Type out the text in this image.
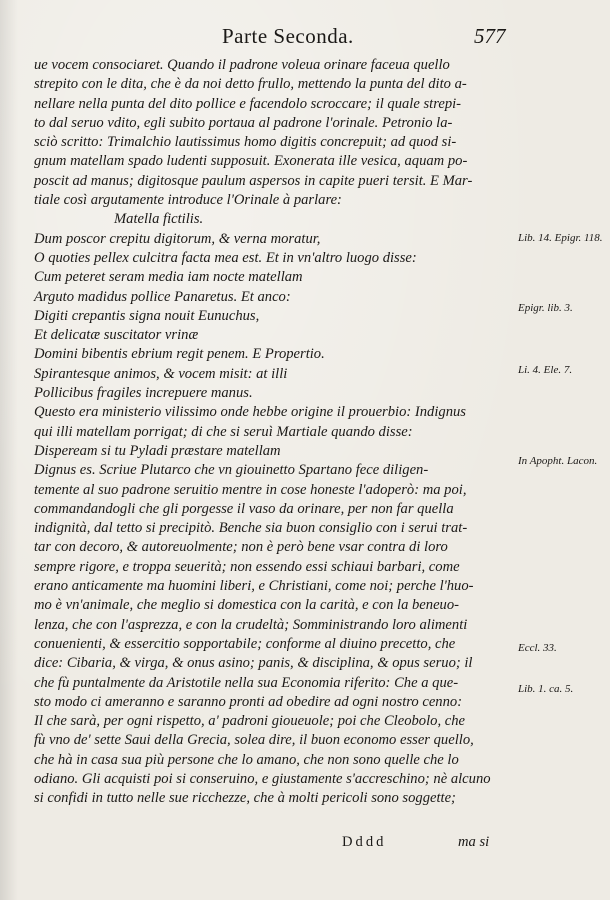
Parte Seconda.	577
ue vocem consociaret. Quando il padrone voleua orinare faceua quello
strepito con le dita, che è da noi detto frullo, mettendo la punta del dito a-
nellare nella punta del dito pollice e facendolo scroccare; il quale strepi-
to dal seruo vdito, egli subito portaua al padrone l'orinale. Petronio la-
sciò scritto: Trimalchio lautissimus homo digitis concrepuit; ad quod si-
gnum matellam spado ludenti supposuit. Exonerata ille vesica, aquam po-
poscit ad manus; digitosque paulum aspersos in capite pueri tersit. E Mar-
tiale così argutamente introduce l'Orinale à parlare:
Matella fictilis.
Dum poscor crepitu digitorum, & verna moratur,
O quoties pellex culcitra facta mea est. Et in vn'altro luogo disse:
Cum peteret seram media iam nocte matellam
Arguto madidus pollice Panaretus. Et anco:
Digiti crepantis signa nouit Eunuchus,
Et delicatæ suscitator vrinæ
Domini bibentis ebrium regit penem. E Propertio.
Spirantesque animos, & vocem misit: at illi
Pollicibus fragiles increpuere manus.
Questo era ministerio vilissimo onde hebbe origine il prouerbio: Indignus
qui illi matellam porrigat; di che si seruì Martiale quando disse:
Dispeream si tu Pyladi præstare matellam
Dignus es. Scriue Plutarco che vn giouinetto Spartano fece diligen-
temente al suo padrone seruitio mentre in cose honeste l'adoperò: ma poi,
commandandogli che gli porgesse il vaso da orinare, per non far quella
indignità, dal tetto si precipitò. Benche sia buon consiglio con i serui trat-
tar con decoro, & autoreuolmente; non è però bene vsar contra di loro
sempre rigore, e troppa seuerità; non essendo essi schiaui barbari, come
erano anticamente ma huomini liberi, e Christiani, come noi; perche l'huo-
mo è vn'animale, che meglio si domestica con la carità, e con la beneuo-
lenza, che con l'asprezza, e con la crudeltà; Somministrando loro alimenti
conuenienti, & essercitio sopportabile; conforme al diuino precetto, che
dice: Cibaria, & virga, & onus asino; panis, & disciplina, & opus seruo; il
che fù puntalmente da Aristotile nella sua Economia riferito: Che a que-
sto modo ci ameranno e saranno pronti ad obedire ad ogni nostro cenno:
Il che sarà, per ogni rispetto, a' padroni gioueuole; poi che Cleobolo, che
fù vno de' sette Saui della Grecia, solea dire, il buon economo esser quello,
che hà in casa sua più persone che lo amano, che non sono quelle che lo
odiano. Gli acquisti poi si conseruino, e giustamente s'accreschino; nè alcuno
si confidi in tutto nelle sue ricchezze, che à molti pericoli sono soggette;
Lib. 14. Epigr. 118.
Epigr. lib. 3.
Li. 4. Ele. 7.
In Apopht. Lacon.
Eccl. 33.
Lib. 1. ca. 5.
Dddd	ma si
